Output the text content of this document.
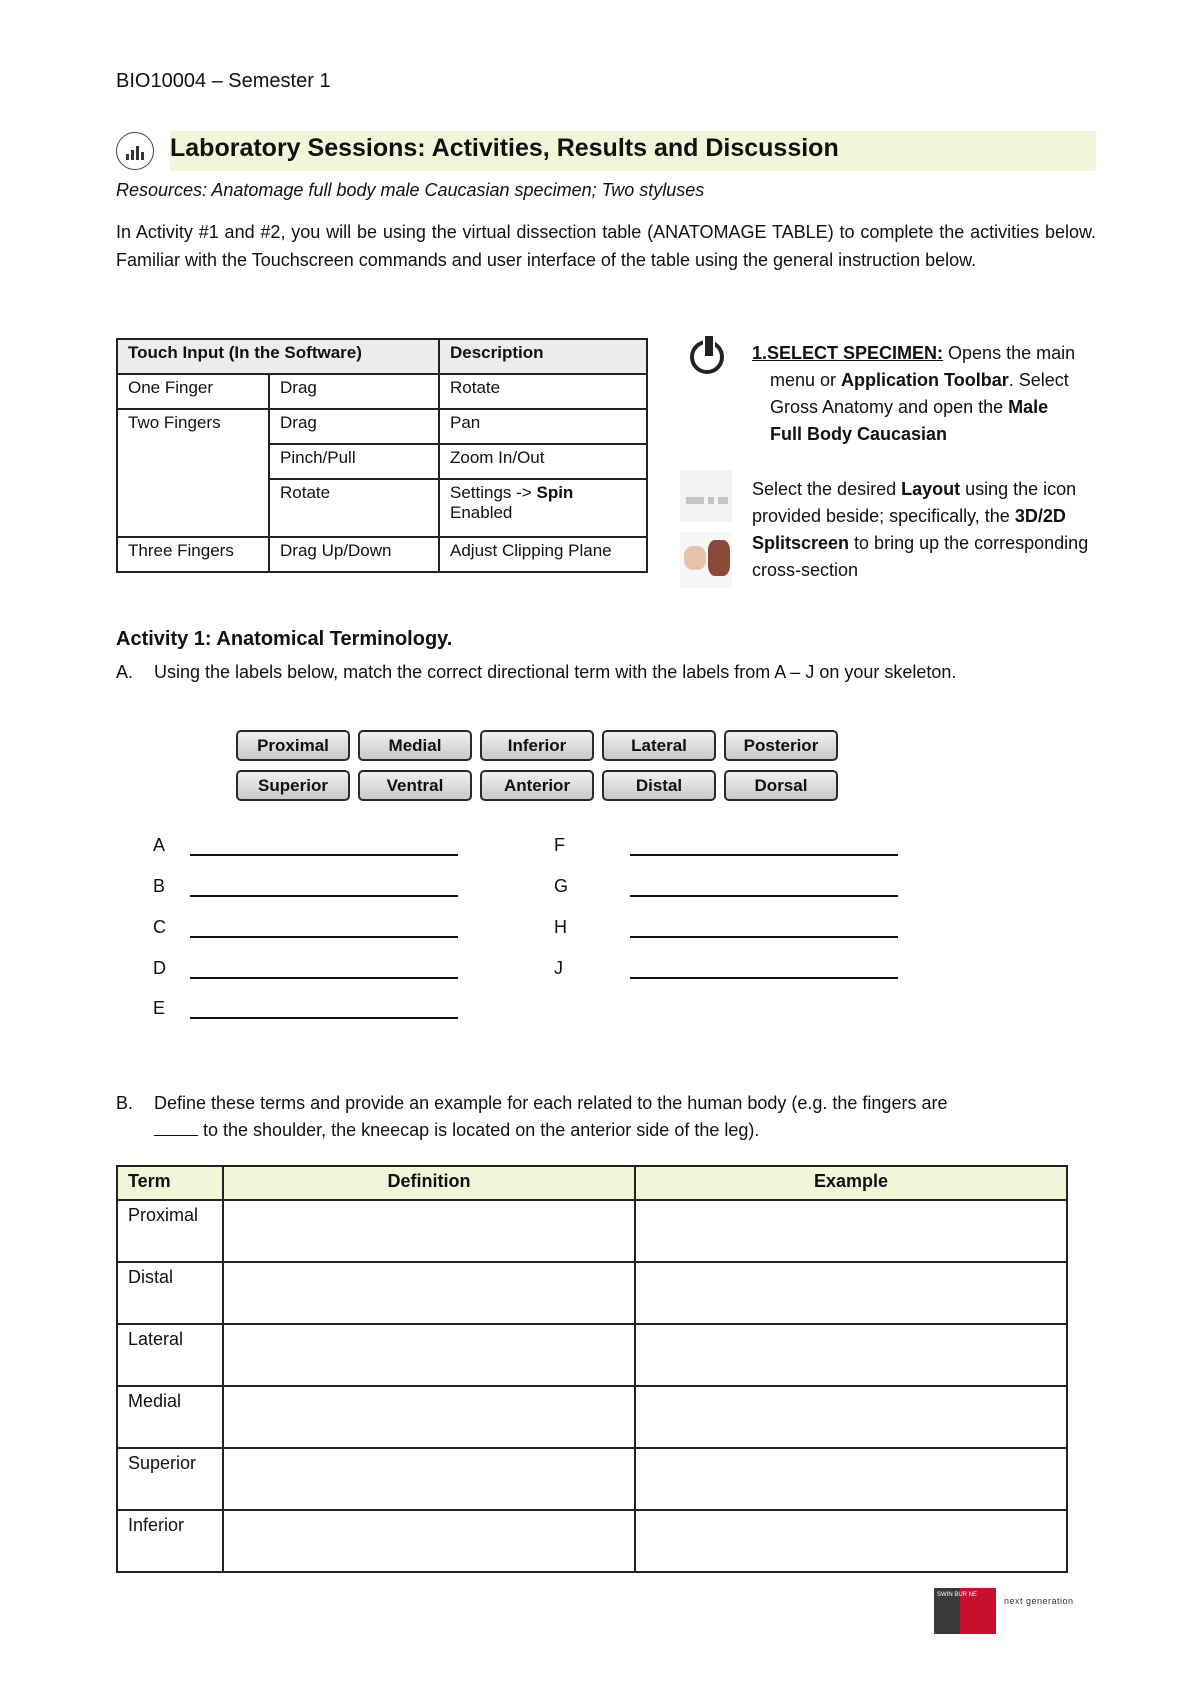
BIO10004 – Semester 1
Laboratory Sessions: Activities, Results and Discussion
Resources: Anatomage full body male Caucasian specimen; Two styluses
In Activity #1 and #2, you will be using the virtual dissection table (ANATOMAGE TABLE) to complete the activities below. Familiar with the Touchscreen commands and user interface of the table using the general instruction below.
Touch Input (In the Software)		Description
One Finger	Drag	Rotate
Two Fingers	Drag	Pan
	Pinch/Pull	Zoom In/Out
	Rotate	Settings -> Spin
Enabled
Three Fingers	Drag Up/Down	Adjust Clipping Plane
1.SELECT SPECIMEN: Opens the main
menu or Application Toolbar. Select
Gross Anatomy and open the Male
Full Body Caucasian
Select the desired Layout using the icon provided beside; specifically, the 3D/2D Splitscreen to bring up the corresponding cross-section
Activity 1: Anatomical Terminology.
A. Using the labels below, match the correct directional term with the labels from A – J on your skeleton.
Proximal	Medial	Inferior	Lateral	Posterior
Superior	Ventral	Anterior	Distal	Dorsal
A
B
C
D
E
F
G
H
J
B. Define these terms and provide an example for each related to the human body (e.g. the fingers are
to the shoulder, the kneecap is located on the anterior side of the leg).
Term	Definition	Example
Proximal		
Distal		
Lateral		
Medial		
Superior		
Inferior		
SWIN BUR NE
next generation
